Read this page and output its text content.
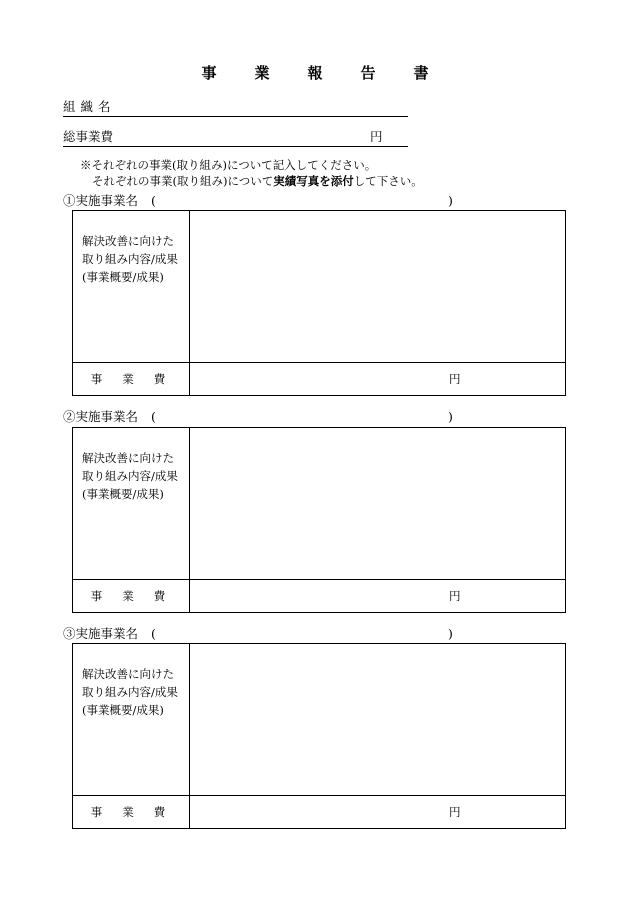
事業報告書
組織名
総事業費	円
※それぞれの事業(取り組み)について記入してください。
それぞれの事業(取り組み)について実績写真を添付して下さい。
①実施事業名 (	)
解決改善に向けた
取り組み内容/成果
(事業概要/成果)
事業費	円
②実施事業名 (	)
解決改善に向けた
取り組み内容/成果
(事業概要/成果)
事業費	円
③実施事業名 (	)
解決改善に向けた
取り組み内容/成果
(事業概要/成果)
事業費	円
